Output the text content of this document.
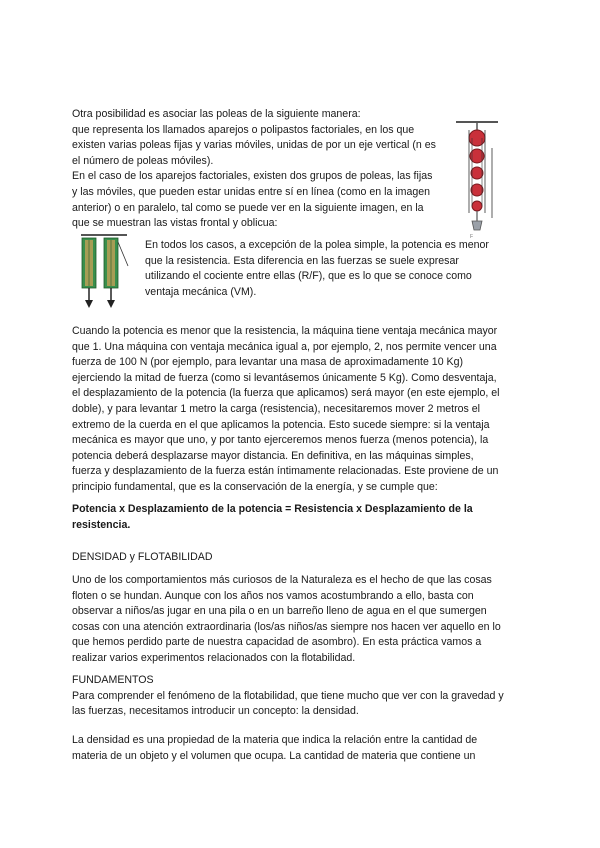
Otra posibilidad es asociar las poleas de la siguiente manera:

que representa los llamados aparejos o polipastos factoriales, en los que existen varias poleas fijas y varias móviles, unidas de por un eje vertical (n es el número de poleas móviles).

En el caso de los aparejos factoriales, existen dos grupos de poleas, las fijas y las móviles, que pueden estar unidas entre sí en línea (como en la imagen anterior) o en paralelo, tal como se puede ver en la siguiente imagen, en la que se muestran las vistas frontal y oblicua:

F

En todos los casos, a excepción de la polea simple, la potencia es menor que la resistencia. Esta diferencia en las fuerzas se suele expresar utilizando el cociente entre ellas (R/F), que es lo que se conoce como ventaja mecánica (VM).

Cuando la potencia es menor que la resistencia, la máquina tiene ventaja mecánica mayor que 1. Una máquina con ventaja mecánica igual a, por ejemplo, 2, nos permite vencer una fuerza de 100 N (por ejemplo, para levantar una masa de aproximadamente 10 Kg) ejerciendo la mitad de fuerza (como si levantásemos únicamente 5 Kg). Como desventaja, el desplazamiento de la potencia (la fuerza que aplicamos) será mayor (en este ejemplo, el doble), y para levantar 1 metro la carga (resistencia), necesitaremos mover 2 metros el extremo de la cuerda en el que aplicamos la potencia. Esto sucede siempre: si la ventaja mecánica es mayor que uno, y por tanto ejerceremos menos fuerza (menos potencia), la potencia deberá desplazarse mayor distancia. En definitiva, en las máquinas simples, fuerza y desplazamiento de la fuerza están íntimamente relacionadas. Este proviene de un principio fundamental, que es la conservación de la energía, y se cumple que:

Potencia x Desplazamiento de la potencia = Resistencia x Desplazamiento de la resistencia.

DENSIDAD y FLOTABILIDAD

Uno de los comportamientos más curiosos de la Naturaleza es el hecho de que las cosas floten o se hundan. Aunque con los años nos vamos acostumbrando a ello, basta con observar a niños/as jugar en una pila o en un barreño lleno de agua en el que sumergen cosas con una atención extraordinaria (los/as niños/as siempre nos hacen ver aquello en lo que hemos perdido parte de nuestra capacidad de asombro). En esta práctica vamos a realizar varios experimentos relacionados con la flotabilidad.

FUNDAMENTOS

Para comprender el fenómeno de la flotabilidad, que tiene mucho que ver con la gravedad y las fuerzas, necesitamos introducir un concepto: la densidad.

La densidad es una propiedad de la materia que indica la relación entre la cantidad de materia de un objeto y el volumen que ocupa. La cantidad de materia que contiene un
